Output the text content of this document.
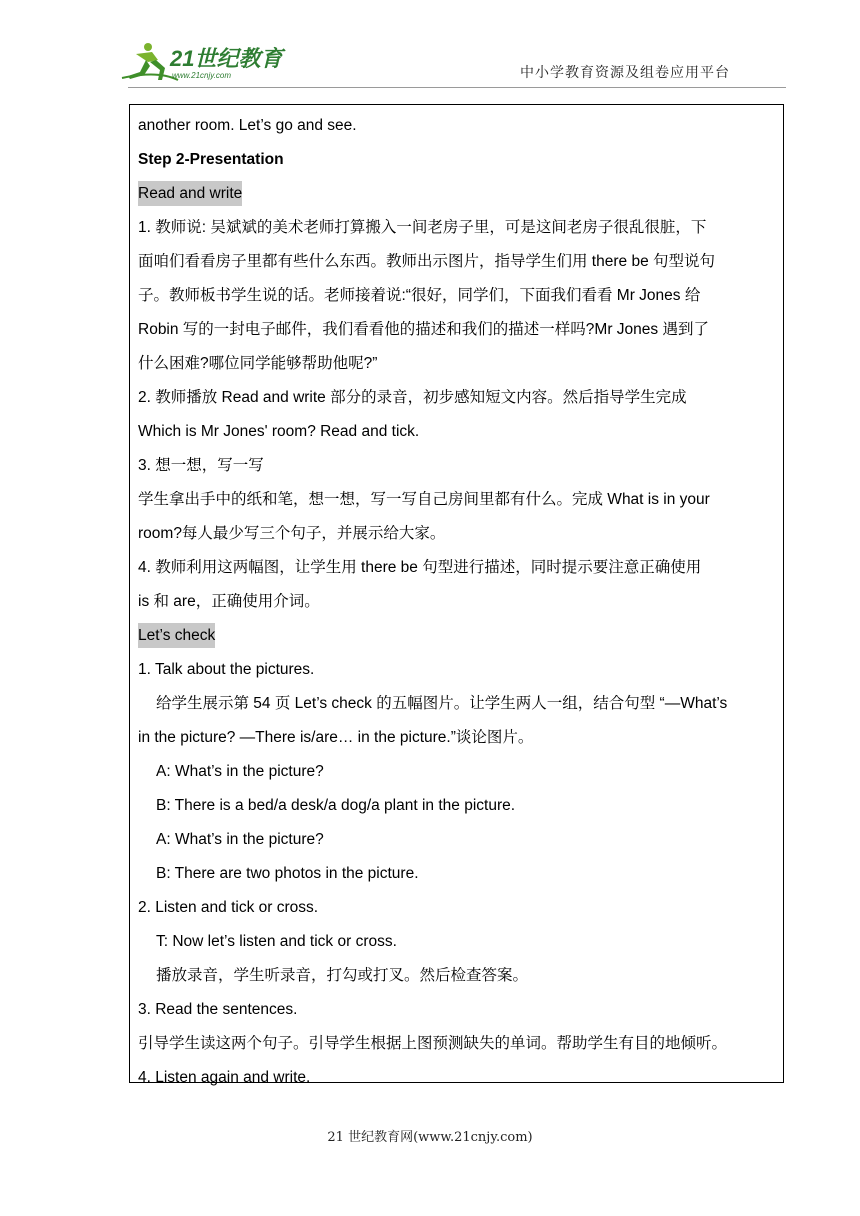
21世纪教育
www.21cnjy.com	中小学教育资源及组卷应用平台
another room. Let’s go and see.
Step 2-Presentation
Read and write
1. 教师说: 吴斌斌的美术老师打算搬入一间老房子里，可是这间老房子很乱很脏，下
面咱们看看房子里都有些什么东西。教师出示图片，指导学生们用 there be 句型说句
子。教师板书学生说的话。老师接着说:“很好，同学们，下面我们看看 Mr Jones 给
Robin 写的一封电子邮件，我们看看他的描述和我们的描述一样吗?Mr Jones 遇到了
什么困难?哪位同学能够帮助他呢?”
2. 教师播放 Read and write 部分的录音，初步感知短文内容。然后指导学生完成
Which is Mr Jones' room? Read and tick.
3. 想一想，写一写
学生拿出手中的纸和笔，想一想，写一写自己房间里都有什么。完成 What is in your
room?每人最少写三个句子，并展示给大家。
4. 教师利用这两幅图，让学生用 there be 句型进行描述，同时提示要注意正确使用
is 和 are，正确使用介词。
Let’s check
1. Talk about the pictures.
给学生展示第 54 页 Let’s check 的五幅图片。让学生两人一组，结合句型 “—What’s
in the picture? —There is/are… in the picture.”谈论图片。
A: What’s in the picture?
B: There is a bed/a desk/a dog/a plant in the picture.
A: What’s in the picture?
B: There are two photos in the picture.
2. Listen and tick or cross.
T: Now let’s listen and tick or cross.
播放录音，学生听录音，打勾或打叉。然后检查答案。
3. Read the sentences.
引导学生读这两个句子。引导学生根据上图预测缺失的单词。帮助学生有目的地倾听。
4. Listen again and write.
21 世纪教育网(www.21cnjy.com)
